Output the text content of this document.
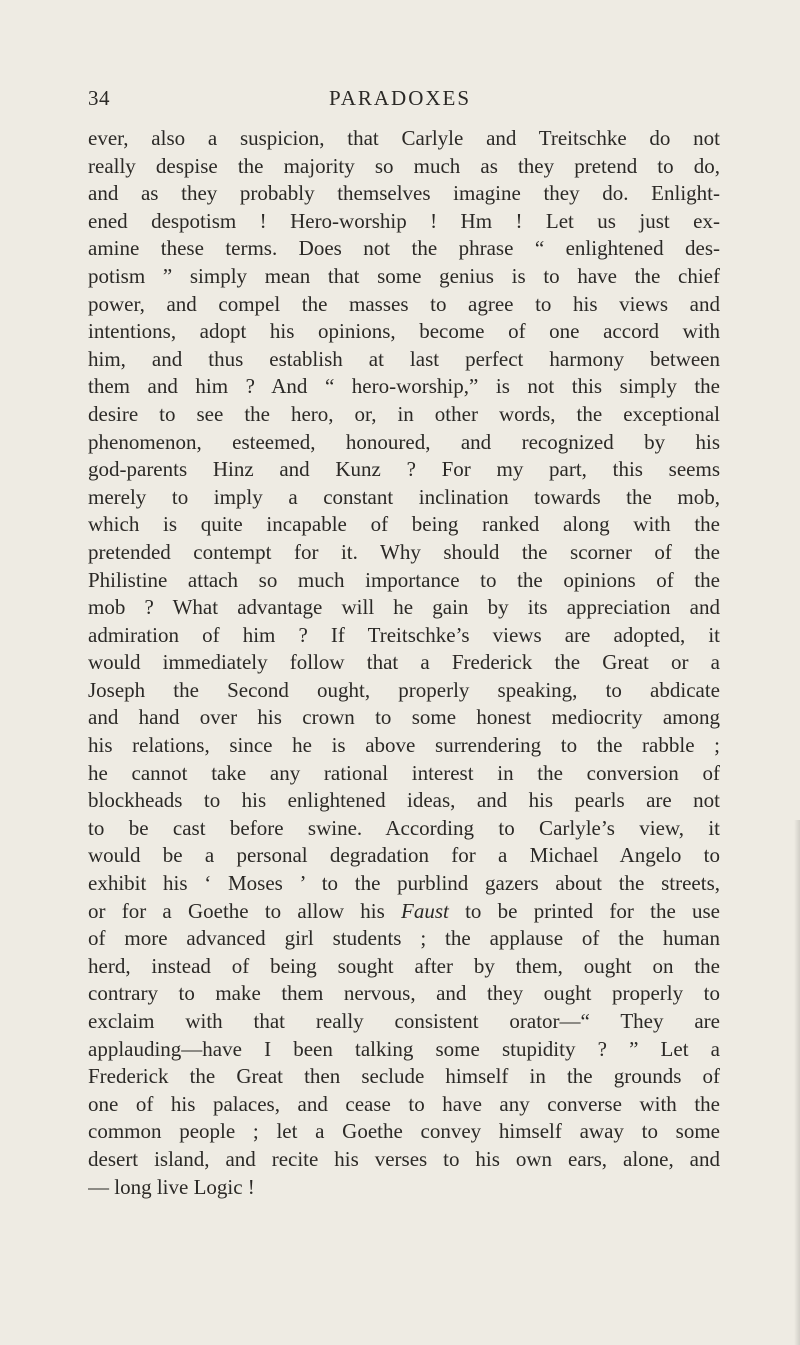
34	PARADOXES
ever, also a suspicion, that Carlyle and Treitschke do not
really despise the majority so much as they pretend to do,
and as they probably themselves imagine they do. Enlight-
ened despotism ! Hero-worship ! Hm ! Let us just ex-
amine these terms. Does not the phrase “ enlightened des-
potism ” simply mean that some genius is to have the chief
power, and compel the masses to agree to his views and
intentions, adopt his opinions, become of one accord with
him, and thus establish at last perfect harmony between
them and him ? And “ hero-worship,” is not this simply the
desire to see the hero, or, in other words, the exceptional
phenomenon, esteemed, honoured, and recognized by his
god-parents Hinz and Kunz ? For my part, this seems
merely to imply a constant inclination towards the mob,
which is quite incapable of being ranked along with the
pretended contempt for it. Why should the scorner of the
Philistine attach so much importance to the opinions of the
mob ? What advantage will he gain by its appreciation and
admiration of him ? If Treitschke’s views are adopted, it
would immediately follow that a Frederick the Great or a
Joseph the Second ought, properly speaking, to abdicate
and hand over his crown to some honest mediocrity among
his relations, since he is above surrendering to the rabble ;
he cannot take any rational interest in the conversion of
blockheads to his enlightened ideas, and his pearls are not
to be cast before swine. According to Carlyle’s view, it
would be a personal degradation for a Michael Angelo to
exhibit his ‘ Moses ’ to the purblind gazers about the streets,
or for a Goethe to allow his Faust to be printed for the use
of more advanced girl students ; the applause of the human
herd, instead of being sought after by them, ought on the
contrary to make them nervous, and they ought properly to
exclaim with that really consistent orator—“ They are
applauding—have I been talking some stupidity ? ” Let a
Frederick the Great then seclude himself in the grounds of
one of his palaces, and cease to have any converse with the
common people ; let a Goethe convey himself away to some
desert island, and recite his verses to his own ears, alone, and
— long live Logic !
